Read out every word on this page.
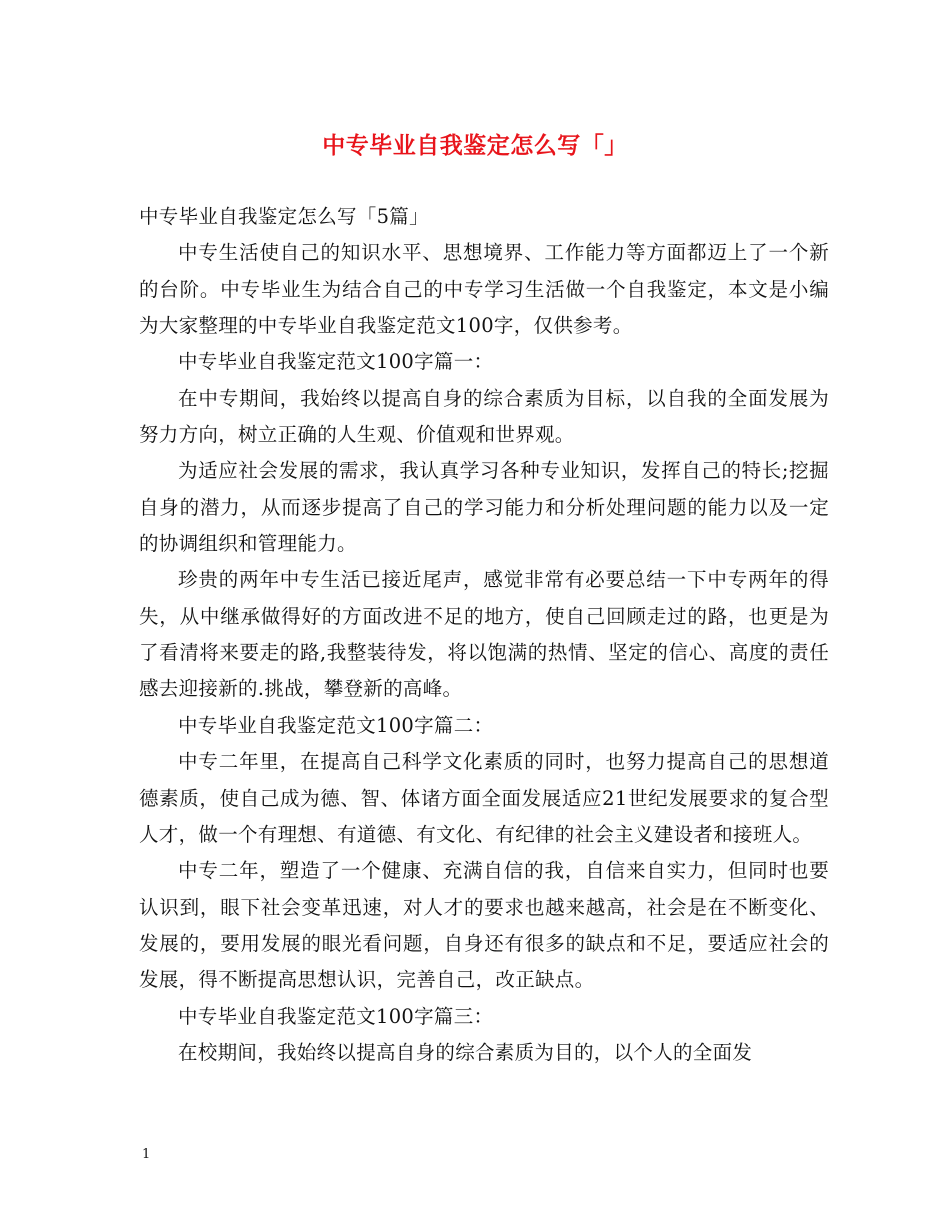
中专毕业自我鉴定怎么写「」

中专毕业自我鉴定怎么写「5篇」

中专生活使自己的知识水平、思想境界、工作能力等方面都迈上了一个新的台阶。中专毕业生为结合自己的中专学习生活做一个自我鉴定，本文是小编为大家整理的中专毕业自我鉴定范文100字，仅供参考。

中专毕业自我鉴定范文100字篇一：

在中专期间，我始终以提高自身的综合素质为目标，以自我的全面发展为努力方向，树立正确的人生观、价值观和世界观。

为适应社会发展的需求，我认真学习各种专业知识，发挥自己的特长;挖掘自身的潜力，从而逐步提高了自己的学习能力和分析处理问题的能力以及一定的协调组织和管理能力。

珍贵的两年中专生活已接近尾声，感觉非常有必要总结一下中专两年的得失，从中继承做得好的方面改进不足的地方，使自己回顾走过的路，也更是为了看清将来要走的路,我整装待发，将以饱满的热情、坚定的信心、高度的责任感去迎接新的.挑战，攀登新的高峰。

中专毕业自我鉴定范文100字篇二：

中专二年里，在提高自己科学文化素质的同时，也努力提高自己的思想道德素质，使自己成为德、智、体诸方面全面发展适应21世纪发展要求的复合型人才，做一个有理想、有道德、有文化、有纪律的社会主义建设者和接班人。

中专二年，塑造了一个健康、充满自信的我，自信来自实力，但同时也要认识到，眼下社会变革迅速，对人才的要求也越来越高，社会是在不断变化、发展的，要用发展的眼光看问题，自身还有很多的缺点和不足，要适应社会的发展，得不断提高思想认识，完善自己，改正缺点。

中专毕业自我鉴定范文100字篇三：

在校期间，我始终以提高自身的综合素质为目的，以个人的全面发

1
